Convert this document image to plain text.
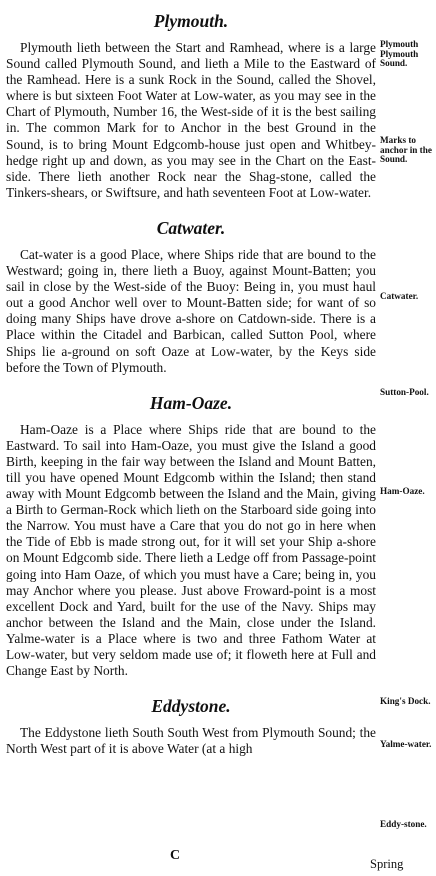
Plymouth.

Plymouth lieth between the Start and Ramhead, where is a large Sound called Plymouth Sound, and lieth a Mile to the Eastward of the Ramhead. Here is a sunk Rock in the Sound, called the Shovel, where is but sixteen Foot Water at Low-water, as you may see in the Chart of Plymouth, Number 16, the West-side of it is the best sailing in. The common Mark for to Anchor in the best Ground in the Sound, is to bring Mount Edgcomb-house just open and Whitbey-hedge right up and down, as you may see in the Chart on the East-side. There lieth another Rock near the Shag-stone, called the Tinkers-shears, or Swiftsure, and hath seventeen Foot at Low-water.

Catwater.

Cat-water is a good Place, where Ships ride that are bound to the Westward; going in, there lieth a Buoy, against Mount-Batten; you sail in close by the West-side of the Buoy: Being in, you must haul out a good Anchor well over to Mount-Batten side; for want of so doing many Ships have drove a-shore on Catdown-side. There is a Place within the Citadel and Barbican, called Sutton Pool, where Ships lie a-ground on soft Oaze at Low-water, by the Keys side before the Town of Plymouth.

Ham-Oaze.

Ham-Oaze is a Place where Ships ride that are bound to the Eastward. To sail into Ham-Oaze, you must give the Island a good Birth, keeping in the fair way between the Island and Mount Batten, till you have opened Mount Edgcomb within the Island; then stand away with Mount Edgcomb between the Island and the Main, giving a Birth to German-Rock which lieth on the Starboard side going into the Narrow. You must have a Care that you do not go in here when the Tide of Ebb is made strong out, for it will set your Ship a-shore on Mount Edgcomb side. There lieth a Ledge off from Passage-point going into Ham Oaze, of which you must have a Care; being in, you may Anchor where you please. Just above Froward-point is a most excellent Dock and Yard, built for the use of the Navy. Ships may anchor between the Island and the Main, close under the Island. Yalme-water is a Place where is two and three Fathom Water at Low-water, but very seldom made use of; it floweth here at Full and Change East by North.

Eddystone.

The Eddystone lieth South South West from Plymouth Sound; the North West part of it is above Water (at a high

Plymouth Plymouth Sound.
Marks to anchor in the Sound.
Catwater.
Sutton-Pool.
Ham-Oaze.
King's Dock.
Yalme-water.
Eddy-stone.
C
Spring
